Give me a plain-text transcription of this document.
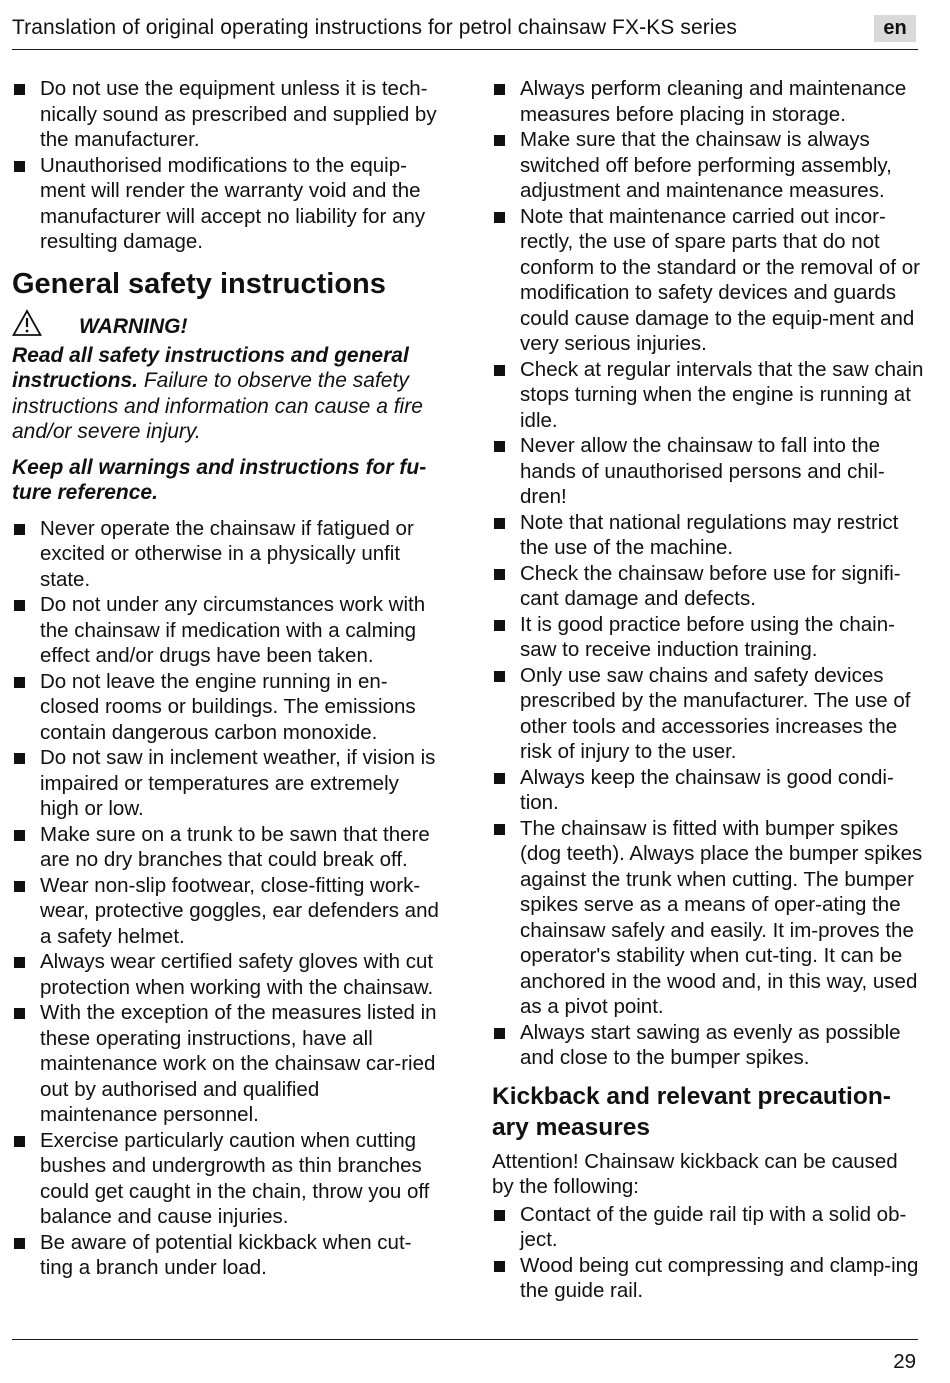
Translation of original operating instructions for petrol chainsaw FX-KS series	en
Do not use the equipment unless it is tech-nically sound as prescribed and supplied by the manufacturer.
Unauthorised modifications to the equip-ment will render the warranty void and the manufacturer will accept no liability for any resulting damage.
General safety instructions
WARNING!

Read all safety instructions and general instructions. Failure to observe the safety instructions and information can cause a fire and/or severe injury.

Keep all warnings and instructions for fu-ture reference.

Never operate the chainsaw if fatigued or excited or otherwise in a physically unfit state.
Do not under any circumstances work with the chainsaw if medication with a calming effect and/or drugs have been taken.
Do not leave the engine running in en-closed rooms or buildings. The emissions contain dangerous carbon monoxide.
Do not saw in inclement weather, if vision is impaired or temperatures are extremely high or low.
Make sure on a trunk to be sawn that there are no dry branches that could break off.
Wear non-slip footwear, close-fitting work-wear, protective goggles, ear defenders and a safety helmet.
Always wear certified safety gloves with cut protection when working with the chainsaw.
With the exception of the measures listed in these operating instructions, have all maintenance work on the chainsaw car-ried out by authorised and qualified maintenance personnel.
Exercise particularly caution when cutting bushes and undergrowth as thin branches could get caught in the chain, throw you off balance and cause injuries.
Be aware of potential kickback when cut-ting a branch under load.
Always perform cleaning and maintenance measures before placing in storage.
Make sure that the chainsaw is always switched off before performing assembly, adjustment and maintenance measures.
Note that maintenance carried out incor-rectly, the use of spare parts that do not conform to the standard or the removal of or modification to safety devices and guards could cause damage to the equip-ment and very serious injuries.
Check at regular intervals that the saw chain stops turning when the engine is running at idle.
Never allow the chainsaw to fall into the hands of unauthorised persons and chil-dren!
Note that national regulations may restrict the use of the machine.
Check the chainsaw before use for signifi-cant damage and defects.
It is good practice before using the chain-saw to receive induction training.
Only use saw chains and safety devices prescribed by the manufacturer. The use of other tools and accessories increases the risk of injury to the user.
Always keep the chainsaw is good condi-tion.
The chainsaw is fitted with bumper spikes (dog teeth). Always place the bumper spikes against the trunk when cutting. The bumper spikes serve as a means of oper-ating the chainsaw safely and easily. It im-proves the operator's stability when cut-ting. It can be anchored in the wood and, in this way, used as a pivot point.
Always start sawing as evenly as possible and close to the bumper spikes.
Kickback and relevant precaution-ary measures

Attention! Chainsaw kickback can be caused by the following:

Contact of the guide rail tip with a solid ob-ject.
Wood being cut compressing and clamp-ing the guide rail.
29
